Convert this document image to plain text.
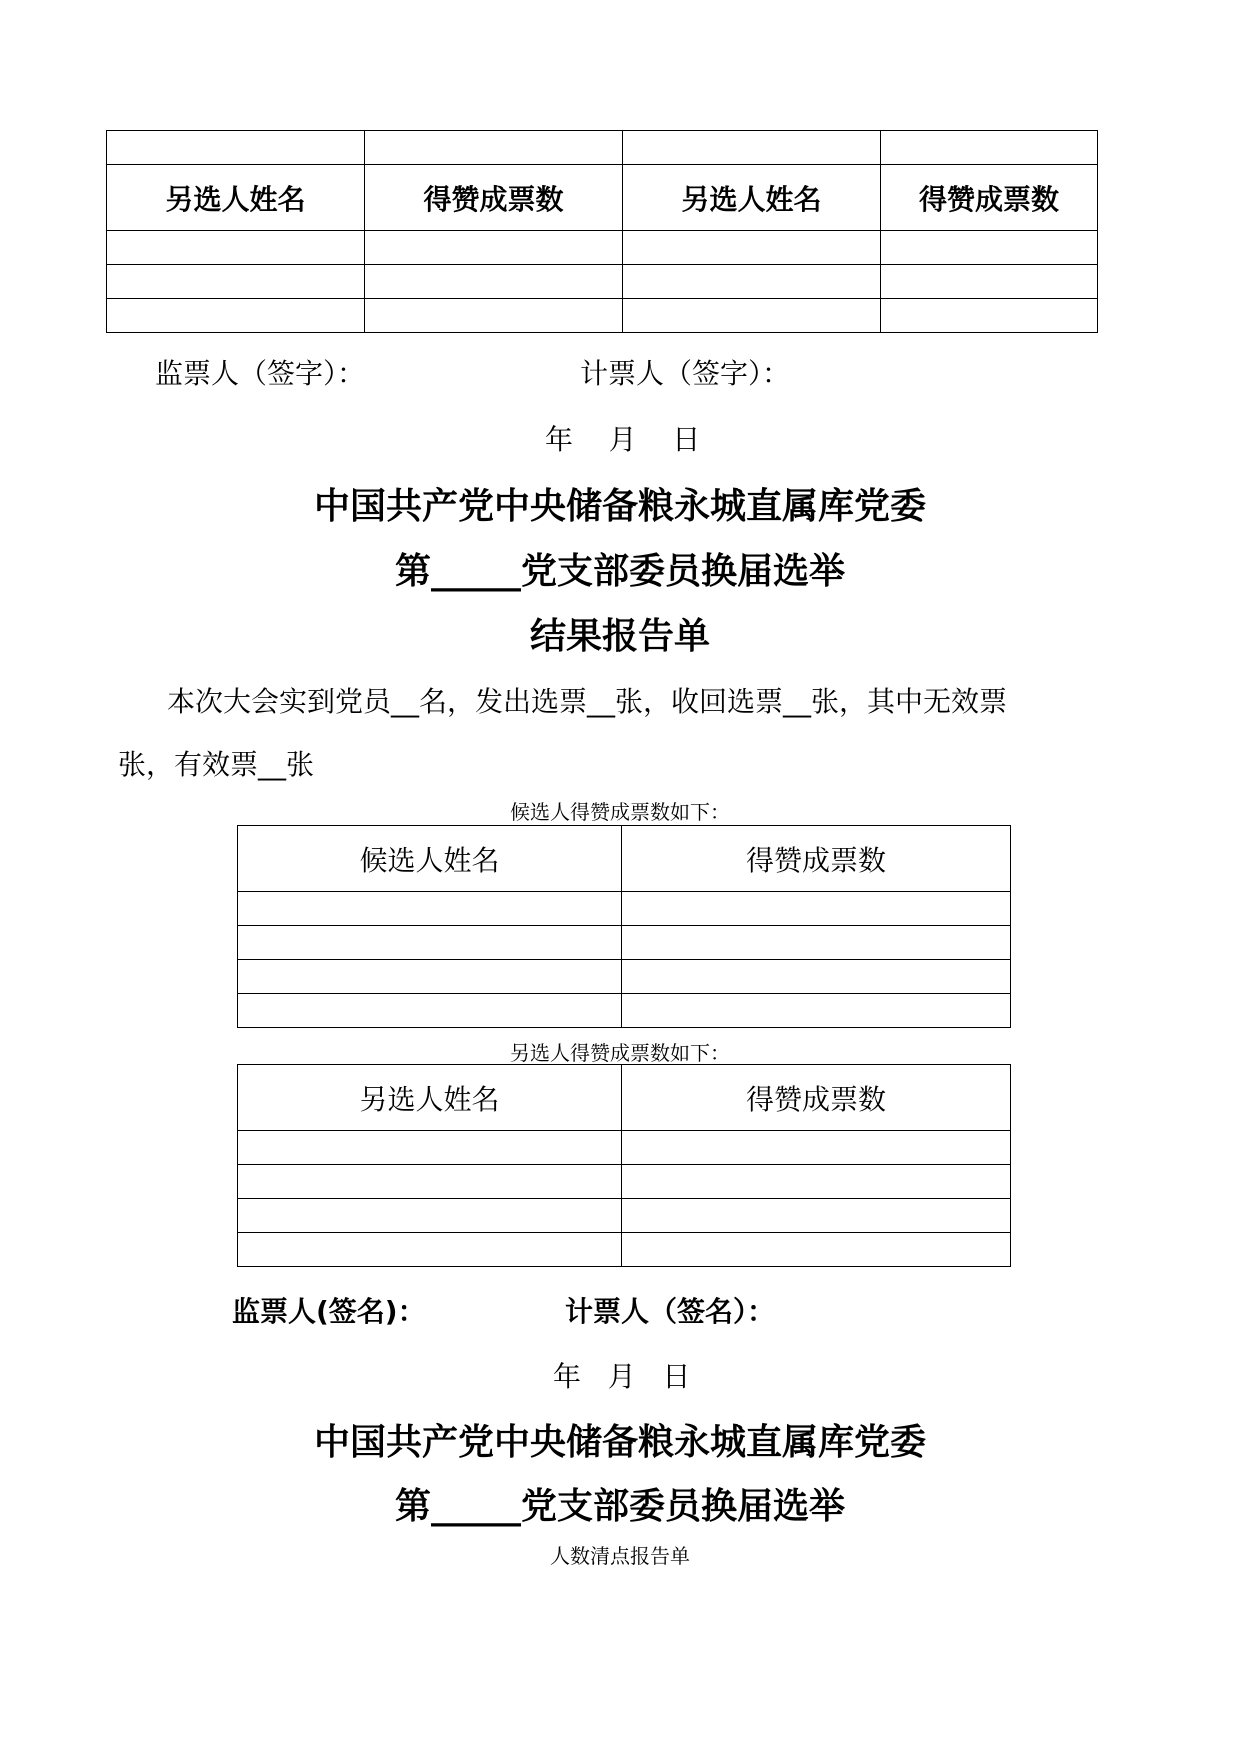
另选人姓名	得赞成票数	另选人姓名	得赞成票数

监票人（签字）：	计票人（签字）：
年    月    日
中国共产党中央储备粮永城直属库党委
第_____党支部委员换届选举
结果报告单
本次大会实到党员__名，发出选票__张，收回选票__张，其中无效票
张，有效票__张
候选人得赞成票数如下：
候选人姓名	得赞成票数

另选人得赞成票数如下：
另选人姓名	得赞成票数

监票人(签名)：	计票人（签名）：
年   月   日
中国共产党中央储备粮永城直属库党委
第_____党支部委员换届选举
人数清点报告单
